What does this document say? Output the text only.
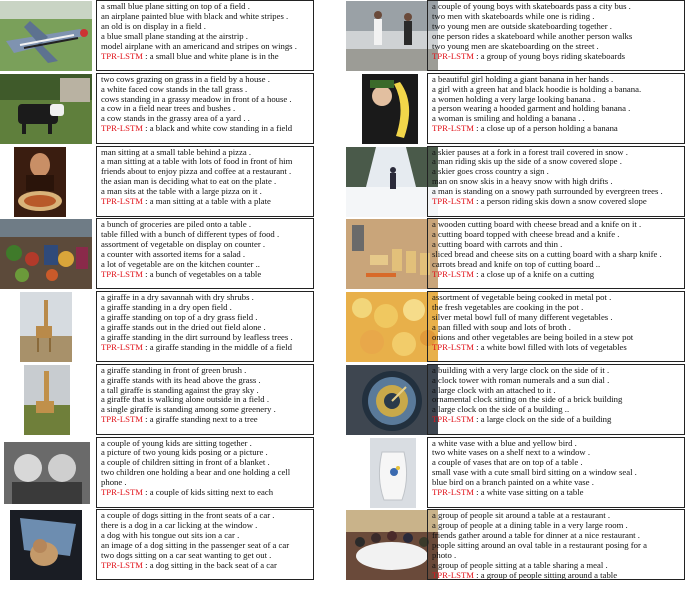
a small blue plane sitting on top of a field .
an airplane painted blue with black and white stripes .
an old is on display in a field .
a blue small plane standing at the airstrip .
model airplane with an americand and stripes on wings .
TPR-LSTM : a small blue and white plane is in the
two cows grazing on grass in a field by a house .
a white faced cow stands in the tall grass .
cows standing in a grassy meadow in front of a house .
a cow in a field near trees and bushes .
a cow stands in the grassy area of a yard . .
TPR-LSTM : a black and white cow standing in a field
man sitting at a small table behind a pizza .
a man sitting at a table with lots of food in front of him
friends about to enjoy pizza and coffee at a restaurant .
the asian man is deciding what to eat on the plate .
a man sits at the table with a large pizza on it .
TPR-LSTM : a man sitting at a table with a plate
a bunch of groceries are piled onto a table .
table filled with a bunch of different types of food .
assortment of vegetable on display on counter .
a counter with assorted items for a salad .
a lot of vegetable are on the kitchen counter ..
TPR-LSTM : a bunch of vegetables on a table
a giraffe in a dry savannah with dry shrubs .
a giraffe standing in a dry open field .
a giraffe standing on top of a dry grass field .
a giraffe stands out in the dried out field alone .
a giraffe standing in the dirt surround by leafless trees .
TPR-LSTM : a giraffe standing in the middle of a field
a giraffe standing in front of green brush .
a giraffe stands with its head above the grass .
a tall giraffe is standing against the gray sky .
a giraffe that is walking alone outside in a field .
a single giraffe is standing among some greenery .
TPR-LSTM : a giraffe standing next to a tree
a couple of young kids are sitting together .
a picture of two young kids posing or a picture .
a couple of children sitting in front of a blanket .
two children one holding a bear and one holding a cell
phone .
TPR-LSTM : a couple of kids sitting next to each
a couple of dogs sitting in the front seats of a car .
there is a dog in a car licking at the window .
a dog with his tongue out sits ion a car .
an image of a dog sitting in the passenger seat of a car
two dogs sitting on a car seat wanting to get out .
TPR-LSTM : a dog sitting in the back seat of a car
a couple of young boys with skateboards pass a city bus .
two men with skateboards while one is riding .
two young men are outside skateboarding together .
one person rides a skateboard while another person walks
two young men are skateboarding on the street .
TPR-LSTM : a group of young boys riding skateboards
a beautiful girl holding a giant banana in her hands .
a girl with a green hat and black hoodie is holding a banana.
a women holding a very large looking banana .
a person wearing a hooded garment and holding banana .
a woman is smiling and holding a banana . .
TPR-LSTM : a close up of a person holding a banana
a skier pauses at a fork in a forest trail covered in snow .
a man riding skis up the side of a snow covered slope .
a skier goes cross country a sign .
man on snow skis in a heavy snow with high drifts .
a man is standing on a snowy path surrounded by evergreen trees .
TPR-LSTM : a person riding skis down a snow covered slope
a wooden cutting board with cheese bread and a knife on it .
a cutting board topped with cheese bread and a knife .
a cutting board with carrots and thin .
sliced bread and cheese sits on a cutting board with a sharp knife .
carrots bread and knife on top of cutting board ..
TPR-LSTM : a close up of a knife on a cutting
assortment of vegetable being cooked in metal pot .
the fresh vegetables are cooking in the pot .
silver metal bowl full of many different vegetables .
a pan filled with soup and lots of broth .
onions and other vegetables are being boiled in a stew pot
TPR-LSTM : a white bowl filled with lots of vegetables
a building with a very large clock on the side of it .
a clock tower with roman numerals and a sun dial .
a large clock with an attached to it .
ornamental clock sitting on the side of a brick building
a large clock on the side of a building ..
TPR-LSTM : a large clock on the side of a building
a white vase with a blue and yellow bird .
two white vases on a shelf next to a window .
a couple of vases that are on top of a table .
small vase with a cute small bird sitting on a window seal .
blue bird on a branch painted on a white vase .
TPR-LSTM : a white vase sitting on a table
a group of people sit around a table at a restaurant .
a group of people at a dining table in a very large room .
friends gather around a table for dinner at a nice restaurant .
people sitting around an oval table in a restaurant posing for a
photo .
a group of people sitting at a table sharing a meal .
TPR-LSTM : a group of people sitting around a table
